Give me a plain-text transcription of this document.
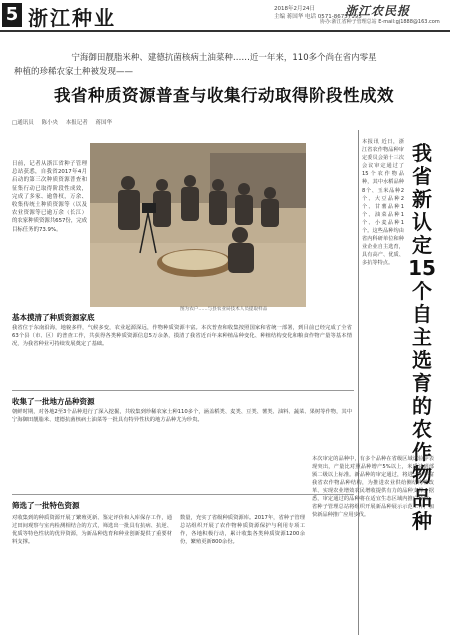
5 浙江种业	2018年2月24日
主编 蒋国华 电话 0571-86757195
浙江农民报
协办:浙江省种子管理总站 E-mail:gj1888@163.com
宁海御田靓脂米种、建德抗菌核病土油菜种……近一年来，110多个尚在省内零星
种植的珍稀农家土种被发现——
我省种质资源普查与收集行动取得阶段性成效
□通讯员 陈小央 本报记者 蒋国华
日前，记者从浙江省种子管理总站获悉，自我省2017年4月启动的第三次种质资源普查和征集行动已取得阶段性成效，完成了多家、逾鲁权，万余、收集传统土种质资源等（以及农业资源等已逾万余（长江）的农家种质资源共657份，完成目标任务的73.9%。
图为农户……与县农业局技术人员提取样品
本报讯 近日，浙江省农作物品种审定委员会第十三次会议审定通过了15个农作物品种，其中水稻品种8个、玉米品种2个、大豆品种2个、甘薯品种1个、油菜品种1个、小麦品种1个。这些品种均由省内科研单位和种业企业自主选育，具有高产、优质、多抗等特点。
我省新认定15个自主选育的农作物品种
本次审定的品种中，有多个品种在省级区域试验中表现突出，产量比对照品种增产5%以上，米质达到部颁二级以上标准。新品种的审定通过，将进一步丰富我省农作物品种结构，为推进农业供给侧结构性改革、实现农业增效农民增收提供有力的品种支撑。据悉，审定通过的品种将在适宜生态区域内推广种植，省种子管理总站将组织开展新品种展示示范工作，加快新品种推广应用步伐。
基本摸清了种质资源家底
我省位于东南沿海，地貌多样，气候多变，农业起源深远，作物种质资源丰富。本次普查和收集按照国家和省统一部署，到目前已经完成了全省63个县（市、区）的普查工作，共获得各类种质资源信息5万余条，摸清了我省近百年来种植品种变化、种植结构变化和粮食作物产量等基本情况，为我省种业可持续发展奠定了基础。
收集了一批地方品种资源
朝鲜时期，对各地2至3个品种进行了深入挖掘，共收集到珍稀农家土种110多个，涵盖稻类、麦类、豆类、薯类、油料、蔬菜、果树等作物，其中宁海御田靓脂米、建德抗菌核病土油菜等一批具有特异性状的地方品种尤为珍贵。
筛选了一批特色资源
对收集到的种质资源开展了繁殖更新、鉴定评价和入库保存工作，通过田间观察与室内检测相结合的方式，筛选出一批具有抗病、抗逆、优质等特色性状的优异资源，为新品种选育和种业创新提供了重要材料支撑。
数量，充实了省级种质资源库。2017年，省种子管理总站组织开展了农作物种质资源保护与利用专项工作，各地积极行动，累计收集各类种质资源1200余份，繁殖更新800余份。
